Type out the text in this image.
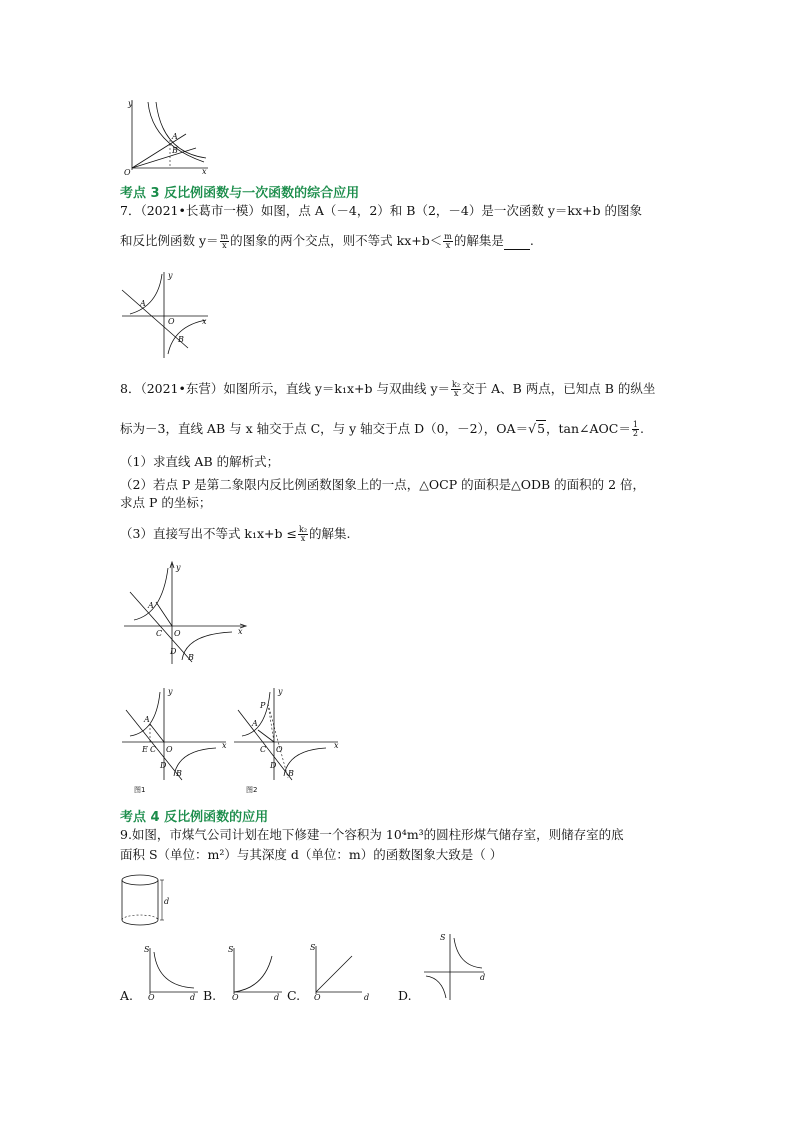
y
O
A
B
x
考点 3 反比例函数与一次函数的综合应用
7．（2021•长葛市一模）如图，点 A（－4，2）和 B（2，－4）是一次函数 y＝kx+b 的图象
和反比例函数 $y= \frac{m}{x}$ 的图象的两个交点，则不等式 $kx+b< \frac{m}{x}$ 的解集是 .
y
A
O
B
x
8．（2021•东营）如图所示，直线 y＝k₁x+b 与双曲线 $y= \frac{\text{k₂}}{x}$ 交于 A、B 两点，已知点 B 的纵坐
标为－3，直线 AB 与 x 轴交于点 C，与 y 轴交于点 D（0，－2），OA＝√5，tan∠AOC＝ $\frac{1}{2}$ .
（1）求直线 AB 的解析式；
（2）若点 P 是第二象限内反比例函数图象上的一点，△OCP 的面积是△ODB 的面积的 2 倍，
求点 P 的坐标；
（3）直接写出不等式 $k_1x+b \le \frac{\text{k₂}}{x}$ 的解集.
y
A
C O
D
B
x
y
A
E C O
D
B
x
图1
y
P
A
C O
D
B
x
图2
考点 4 反比例函数的应用
9.如图，市煤气公司计划在地下修建一个容积为 10⁴m³的圆柱形煤气储存室，则储存室的底
面积 S（单位：m²）与其深度 d（单位：m）的函数图象大致是（ ）
d
A.
S
O	d B.
S
O	d C.
S
O	d D.
S
d
